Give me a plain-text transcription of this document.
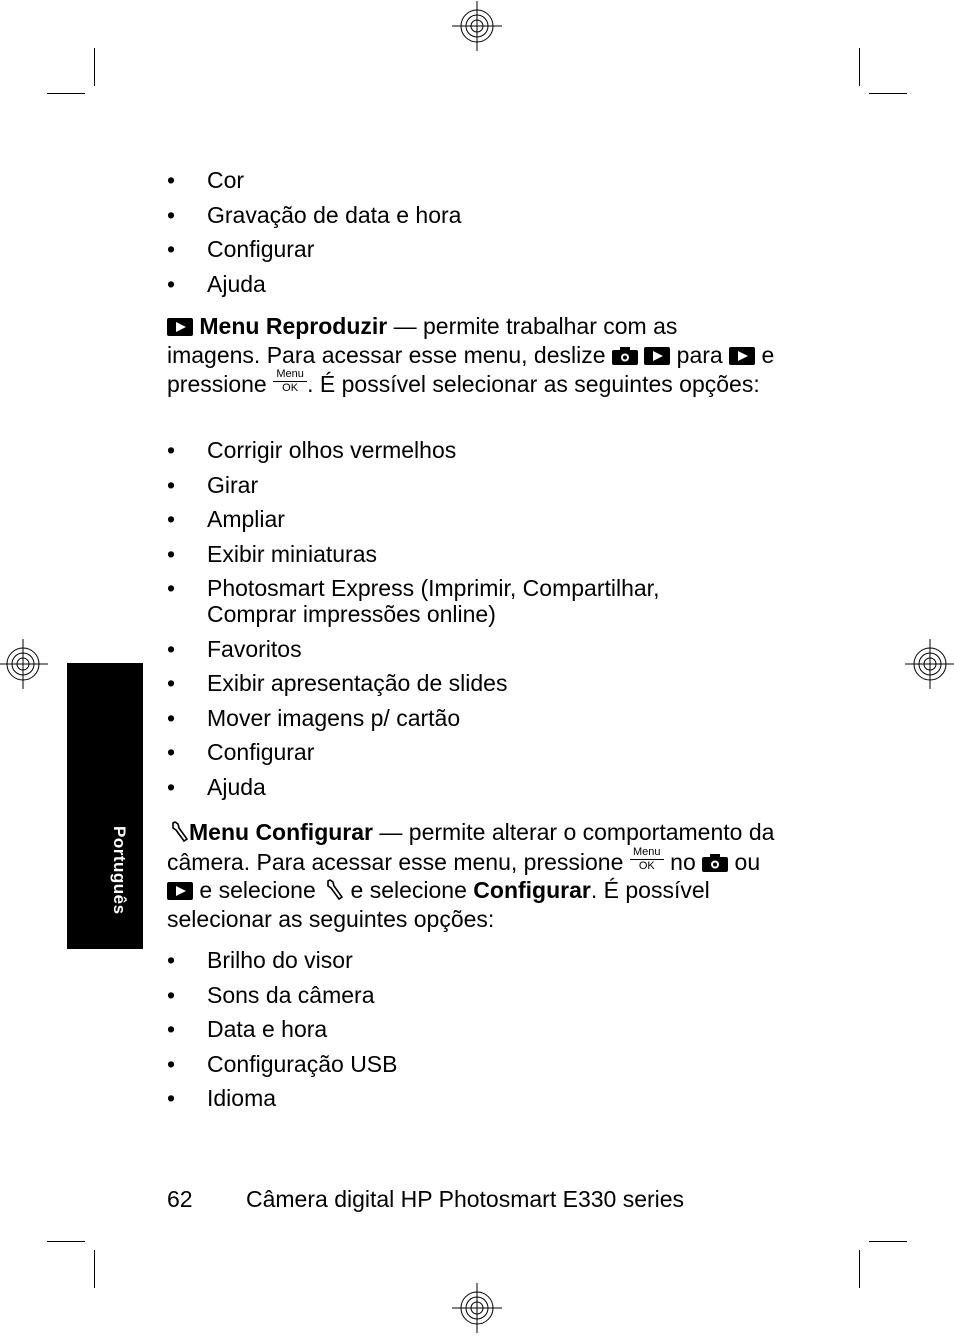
Português
• Cor
• Gravação de data e hora
• Configurar
• Ajuda

Menu Reproduzir — permite trabalhar com as imagens. Para acessar esse menu, deslize	para  e pressione Menu
OK . É possível selecionar as seguintes opções:

• Corrigir olhos vermelhos
• Girar
• Ampliar
• Exibir miniaturas
• Photosmart Express (Imprimir, Compartilhar,
Comprar impressões online)
• Favoritos
• Exibir apresentação de slides
• Mover imagens p/ cartão
• Configurar
• Ajuda

Menu Configurar — permite alterar o comportamento da câmera. Para acessar esse menu, pressione Menu
OK no  ou  e selecione  e selecione Configurar. É possível selecionar as seguintes opções:

• Brilho do visor
• Sons da câmera
• Data e hora
• Configuração USB
• Idioma
62 Câmera digital HP Photosmart E330 series
